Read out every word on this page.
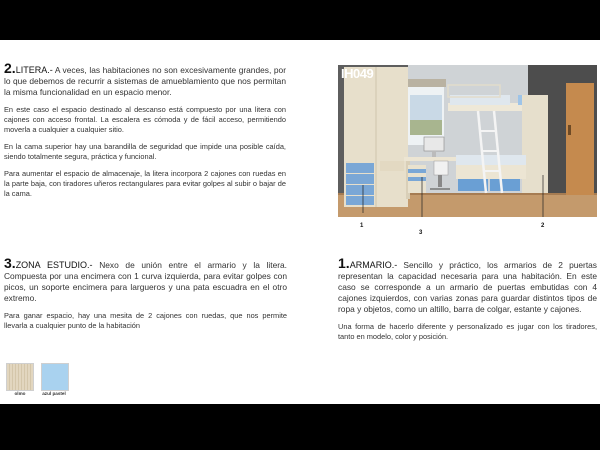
2.LITERA.- A veces, las habitaciones no son excesivamente grandes, por lo que debemos de recurrir a sistemas de amueblamiento que nos permitan la misma funcionalidad en un espacio menor.

En este caso el espacio destinado al descanso está compuesto por una litera con cajones con acceso frontal. La escalera es cómoda y de fácil acceso, permitiendo moverla a cualquier a cualquier sitio.

En la cama superior hay una barandilla de seguridad que impide una posible caída, siendo totalmente segura, práctica y funcional.

Para aumentar el espacio de almacenaje, la litera incorpora 2 cajones con ruedas en la parte baja, con tiradores uñeros rectangulares para evitar golpes al subir o bajar de la cama.

IH049
1	2
3

3.ZONA ESTUDIO.- Nexo de unión entre el armario y la litera. Compuesta por una encimera con 1 curva izquierda, para evitar golpes con picos, un soporte encimera para largueros y una pata escuadra en el otro extremo.

Para ganar espacio, hay una mesita de 2 cajones con ruedas, que nos permite llevarla a cualquier punto de la habitación

1.ARMARIO.- Sencillo y práctico, los armarios de 2 puertas representan la capacidad necesaria para una habitación. En este caso se corresponde a un armario de puertas embutidas con 4 cajones izquierdos, con varias zonas para guardar distintos tipos de ropa y objetos, como un altillo, barra de colgar, estante y cajones.

Una forma de hacerlo diferente y personalizado es jugar con los tiradores, tanto en modelo, color y posición.

olmo	azul pastel
